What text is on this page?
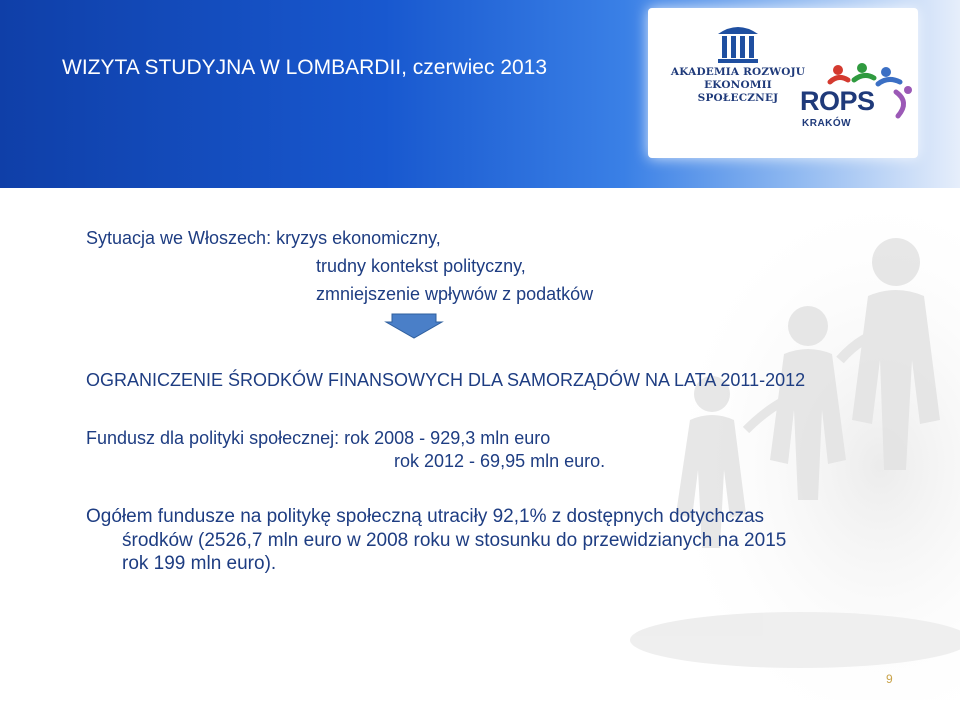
WIZYTA STUDYJNA W LOMBARDII, czerwiec 2013	AKADEMIA ROZWOJU
EKONOMII SPOŁECZNEJ ROPS
KRAKÓW

Sytuacja we Włoszech: kryzys ekonomiczny,

trudny kontekst polityczny,

zmniejszenie wpływów z podatków

OGRANICZENIE ŚRODKÓW FINANSOWYCH DLA SAMORZĄDÓW NA LATA 2011-2012

Fundusz dla polityki społecznej: rok 2008 - 929,3 mln euro

rok 2012 - 69,95 mln euro.

Ogółem fundusze na politykę społeczną utraciły 92,1% z dostępnych dotychczas

środków (2526,7 mln euro w 2008 roku w stosunku do przewidzianych na 2015

rok 199 mln euro).

9
